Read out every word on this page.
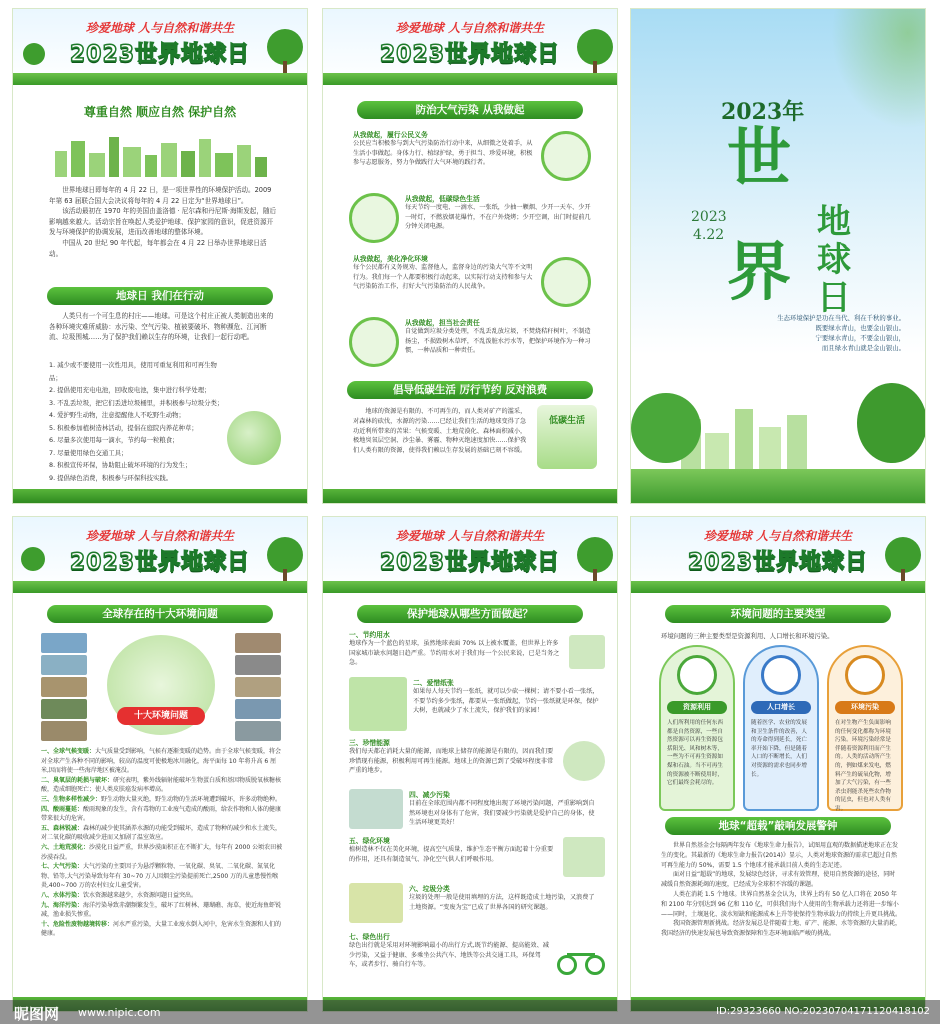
珍爱地球 人与自然和谐共生
2023世界地球日
尊重自然 顺应自然 保护自然

世界地球日即每年的 4 月 22 日，是一项世界性的环境保护活动。2009 年第 63 届联合国大会决议将每年的 4 月 22 日定为“世界地球日”。

该活动最初在 1970 年的美国由盖洛德 · 尼尔森和丹尼斯·海斯发起，随后影响越来越大。活动宗旨在唤起人类爱护地球、保护家园的意识，促进资源开发与环境保护的协调发展，进而改善地球的整体环境。

中国从 20 世纪 90 年代起，每年都会在 4 月 22 日举办世界地球日活动。

地球日 我们在行动

人类只有一个可生息的村庄——地球。可是这个村庄正被人类制造出来的各种环境灾难所威胁：水污染、空气污染、植被要破坏、物种濒危、江河断流、垃圾围城……为了保护我们赖以生存的环境，让我们一起行动吧。

1. 减少或不要使用一次性用具，使用可重复利用和可再生物品；
2. 提倡使用充电电池，回收废电池，集中进行科学处理；
3. 不乱丢垃圾，把它们丢进垃圾桶里，并积极参与垃圾分类；
4. 爱护野生动物，注意提醒他人不吃野生动物；
5. 积极参加植树造林活动，提倡在庭院内养花种草；
6. 尽量多次使用每一滴水，节约每一粒粮食；
7. 尽量使用绿色交通工具；
8. 积极宣传环保，协助阻止破坏环境的行为发生；
9. 提倡绿色消费，积极参与环保科技实践。
珍爱地球 人与自然和谐共生
2023世界地球日
防治大气污染 从我做起
从我做起，履行公民义务
公民应当积极参与到大气污染防治行动中来，从细微之处着手，从生活小事做起。身体力行、植绿护绿，勇于担当、珍爱环境，积极参与志愿服务，努力争做践行大气环境的践行者。
从我做起，低碳绿色生活
每天节约一度电、一滴水、一张纸，少抽一颗烟、少开一天车、少开一时灯，不燃放烟花爆竹，不在户外烧烤；少开空调，出门时提前几分钟关闭电源。
从我做起，美化净化环境
每个公民都有义务规劝、监督他人，监督身边的污染大气等不文明行为。我们每一个人都要积极行动起来，以实际行动支持和参与大气污染防治工作，打好大气污染防治的人民战争。
从我做起，担当社会责任
自觉做到垃圾分类处理，不乱丢乱放垃圾，不焚烧秸秆树叶，不制造扬尘，不损毁树木草坪，不乱泼脏水污水等，把保护环境作为一种习惯，一种品质和一种责任。
倡导低碳生活 厉行节约 反对浪费

地球的资源是有限的、不可再生的，而人类对矿产的滥采，对森林的砍伐，水源的污染……已经让我们生活的地球变得了急功近利所带来的苦果：气候变暖、土地荒漠化、森林面积减小，极地臭氧层空洞、沙尘暴、雾霾、物种灭绝速度加快……保护我们人类有限的资源，使得我们赖以生存发展的基础已刻不容缓。

低碳生活
2023年
世
界
地球日
2023
4.22
生态环境保护是功在当代、利在千秋的事业。
既要绿水青山，也要金山银山。
宁要绿水青山，不要金山银山，
而且绿水青山就是金山银山。
珍爱地球 人与自然和谐共生
2023世界地球日
全球存在的十大环境问题
十大环境问题
一、全球气候变暖：大气质量受到影响，气候有逐渐变暖的趋势。由于全球气候变暖，将会对全球产生各种不同的影响，较高的温度可使极地冰川融化，海平面每 10 年将升高 6 厘米,因而将使一些海岸地区被淹没。
二、臭氧层的耗损与破坏：研究表明，紫外线辐射能破坏生物蛋白质和基因物质脱氧核糖核酸，造成细胞死亡；使人类皮肤癌发病率增高。
三、生物多样性减少：野生动物大量灭绝，野生动物的生活环境遭到破坏，许多动物绝种。
四、酸雨蔓延：酸雨现象的发生，含有毒物的工业废气造成的酸雨，给农作物和人体的健康带来很大的危害。
五、森林锐减：森林的减少使其涵养水源的功能受到破坏，造成了物种的减少和水土流失，对二氧化碳的吸收减少进而又加剧了温室效应。
六、土地荒漠化：沙漠化日益严重，世界沙漠面积正在不断扩大，每年有 2000 公顷农田被沙漠吞没。
七、大气污染：大气污染的主要因子为悬浮颗粒物、一氧化碳、臭氧、二氧化碳、氮氧化物、铅等,大气污染导致每年有 30~70 万人因烟尘污染提前死亡,2500 万的儿童患慢性喉炎,400~700 万的农村妇女儿童受害。
八、水体污染：饮水资源越来越少，水资源问题日益突出。
九、海洋污染：海洋污染导致赤潮频繁发生，破坏了红树林、珊瑚礁、海草，使近海鱼虾锐减，渔业损失惨重。
十、危险性废物越境转移：河水严重污染，大量工业废水倒入河中，危害水生资源和人们的健康。
珍爱地球 人与自然和谐共生
2023世界地球日
保护地球从哪些方面做起？
一、节约用水
地球作为一个蓝色的星球，虽然地球表面 70% 以上被水覆盖，但世界上许多国家城市缺水问题日趋严重。节约用水对于我们每一个公民来说，已是当务之急。
二、爱惜纸张
如果每人每天节约一张纸，就可以少砍一棵树；请不要小看一张纸，不要节约多少张纸，都要从一张纸做起，节约一张纸就是环保，保护大树，也就减少了水土流失，保护我们的家园！
三、珍惜能源
我们每天都在消耗大量的能源，而地球上储存的能源是有限的，因而我们要珍惜现有能源，积极利用可再生能源。地球上的资源已到了受破坏程度非常严重的地步。
四、减少污染
目前在全球范围内都不同程度地出现了环境污染问题，严重影响到自然环境也对身体有了危害，我们要减少污染就是爱护自己的身体，使生活环境更美好！
五、绿化环境
植树造林不仅在美化环境，提高空气质量，维护生态平衡方面起着十分重要的作用，还具有制造氧气、净化空气供人们呼吸作用。
六、垃圾分类
垃圾的处理一般是使用填埋的方法，这样既造成土地污染，又浪费了土地资源。“变废为宝”已成了世界各国的研究课题。
七、绿色出行
绿色出行就是采用对环境影响最小的出行方式,既节约能源、提高能效、减少污染，又益于健康、多乘坐公共汽车、地铁等公共交通工具，环保驾车，或者步行、骑自行车等。
珍爱地球 人与自然和谐共生
2023世界地球日
环境问题的主要类型
环境问题的三种主要类型是资源利用、人口增长和环境污染。
资源利用
人们所利用的任何东西都是自然资源，一些自然资源可以再生资源包括阳光、风和树木等，一些为不可再生资源如煤和石油。当不可再生的资源被不断使用时，它们最终会耗尽的。
人口增长
随着医学、农业的发展和卫生条件的改善，人的寿命得到延长，死亡率开始下降，但是随着人口的不断增长，人们对资源的需求也同步增长。
环境污染
在对生物产生负面影响的任何变化都称为环境污染。环境污染经常是伴随着资源利用而产生的。人类的活动所产生的，例如煤来发电，燃料产生的硫氧化物，增加了大气污染，有一些杀虫剂能杀死些农作物的昆虫，但也对人类有害。
地球“超载”敲响发展警钟

世界自然基金会每隔两年发布《地球生命力报告》，试图用直观的数据描述地球正在发生的变化。其最新的《地球生命力报告(2014)》显示，人类对地球资源的需求已超过自然可再生能力的 50%，需要 1.5 个地球才能承载目前人类的生态足迹。

面对日益“超载”的地球，发展绿色经济，寻求有效管理，使用自然资源的途径，同时减缓自然资源耗竭的速度，已经成为全球积不容缓的课题。

人类在消耗 1.5 个地球。世界自然基金会认为，世界上约有 50 亿人口将在 2050 年和 2100 年分别达到 96 亿和 110 亿，可供我们每个人使用的生物承载力还将进一步缩小——同时，土壤退化、淡水短缺和能源成本上升等使保持生物承载力的持续上升更具挑战。

我国资源管理新挑战。经济发展总是伴随着土地、矿产、能源、水等资源的大量消耗，我国经济的快速发展也导致资源保障和生态环境面临严峻的挑战。

昵图网 www.nipic.com	ID:29323660 NO:20230704171120418102
